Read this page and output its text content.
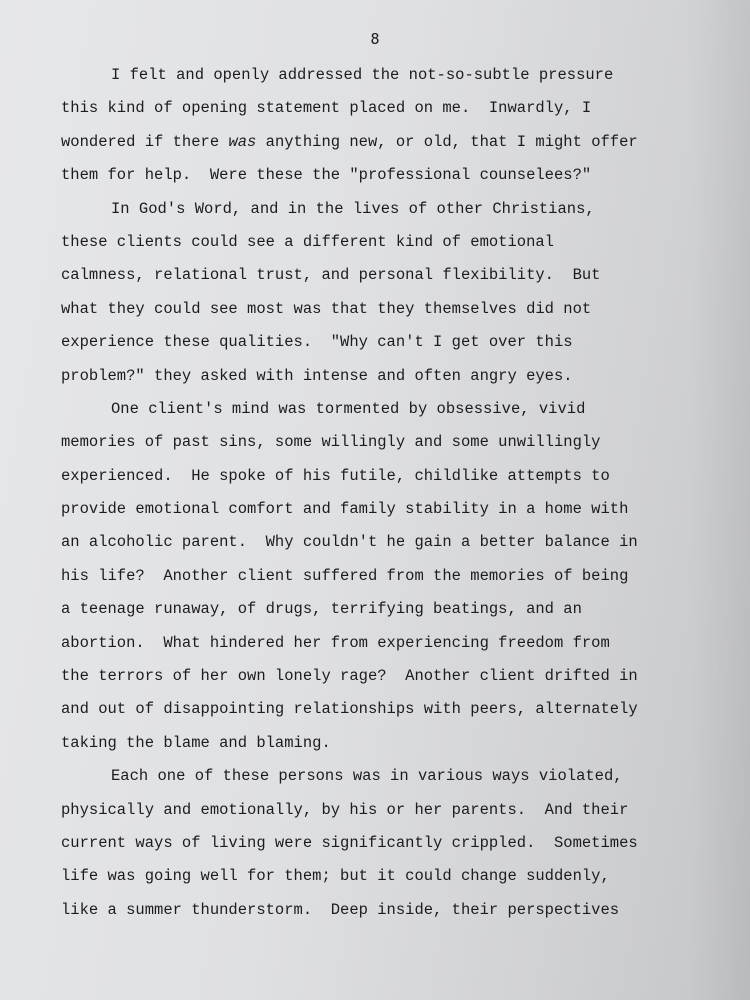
8
I felt and openly addressed the not-so-subtle pressure
this kind of opening statement placed on me.  Inwardly, I
wondered if there was anything new, or old, that I might offer
them for help.  Were these the "professional counselees?"
In God's Word, and in the lives of other Christians,
these clients could see a different kind of emotional
calmness, relational trust, and personal flexibility.  But
what they could see most was that they themselves did not
experience these qualities.  "Why can't I get over this
problem?" they asked with intense and often angry eyes.
One client's mind was tormented by obsessive, vivid
memories of past sins, some willingly and some unwillingly
experienced.  He spoke of his futile, childlike attempts to
provide emotional comfort and family stability in a home with
an alcoholic parent.  Why couldn't he gain a better balance in
his life?  Another client suffered from the memories of being
a teenage runaway, of drugs, terrifying beatings, and an
abortion.  What hindered her from experiencing freedom from
the terrors of her own lonely rage?  Another client drifted in
and out of disappointing relationships with peers, alternately
taking the blame and blaming.
Each one of these persons was in various ways violated,
physically and emotionally, by his or her parents.  And their
current ways of living were significantly crippled.  Sometimes
life was going well for them; but it could change suddenly,
like a summer thunderstorm.  Deep inside, their perspectives
